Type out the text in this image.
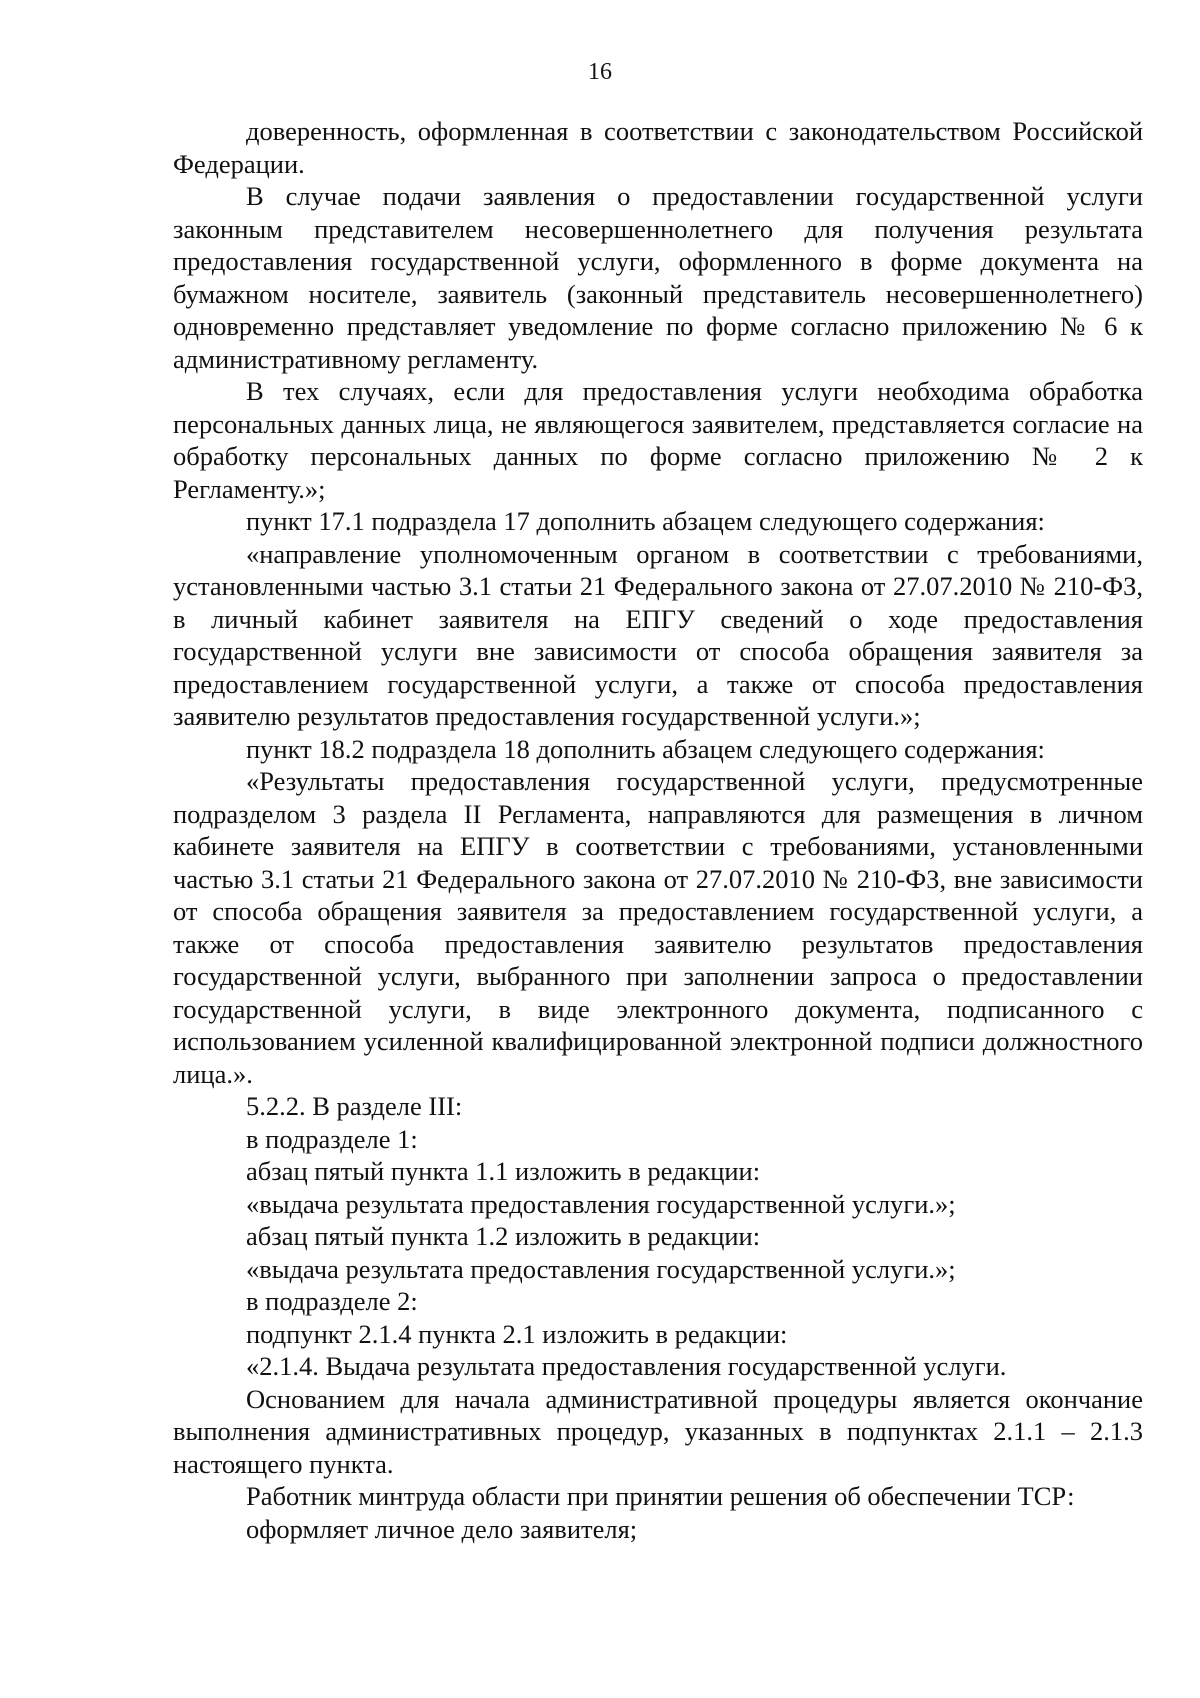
16

доверенность, оформленная в соответствии с законодательством Российской Федерации.

В случае подачи заявления о предоставлении государственной услуги законным представителем несовершеннолетнего для получения результата предоставления государственной услуги, оформленного в форме документа на бумажном носителе, заявитель (законный представитель несовершеннолетнего) одновременно представляет уведомление по форме согласно приложению № 6 к административному регламенту.

В тех случаях, если для предоставления услуги необходима обработка персональных данных лица, не являющегося заявителем, представляется согласие на обработку персональных данных по форме согласно приложению № 2 к Регламенту.»;

пункт 17.1 подраздела 17 дополнить абзацем следующего содержания:

«направление уполномоченным органом в соответствии с требованиями, установленными частью 3.1 статьи 21 Федерального закона от 27.07.2010 № 210-ФЗ, в личный кабинет заявителя на ЕПГУ сведений о ходе предоставления государственной услуги вне зависимости от способа обращения заявителя за предоставлением государственной услуги, а также от способа предоставления заявителю результатов предоставления государственной услуги.»;

пункт 18.2 подраздела 18 дополнить абзацем следующего содержания:

«Результаты предоставления государственной услуги, предусмотренные подразделом 3 раздела II Регламента, направляются для размещения в личном кабинете заявителя на ЕПГУ в соответствии с требованиями, установленными частью 3.1 статьи 21 Федерального закона от 27.07.2010 № 210-ФЗ, вне зависимости от способа обращения заявителя за предоставлением государственной услуги, а также от способа предоставления заявителю результатов предоставления государственной услуги, выбранного при заполнении запроса о предоставлении государственной услуги, в виде электронного документа, подписанного с использованием усиленной квалифицированной электронной подписи должностного лица.».

5.2.2. В разделе III:

в подразделе 1:

абзац пятый пункта 1.1 изложить в редакции:

«выдача результата предоставления государственной услуги.»;

абзац пятый пункта 1.2 изложить в редакции:

«выдача результата предоставления государственной услуги.»;

в подразделе 2:

подпункт 2.1.4 пункта 2.1 изложить в редакции:

«2.1.4. Выдача результата предоставления государственной услуги.

Основанием для начала административной процедуры является окончание выполнения административных процедур, указанных в подпунктах 2.1.1 – 2.1.3 настоящего пункта.

Работник минтруда области при принятии решения об обеспечении ТСР:

оформляет личное дело заявителя;
